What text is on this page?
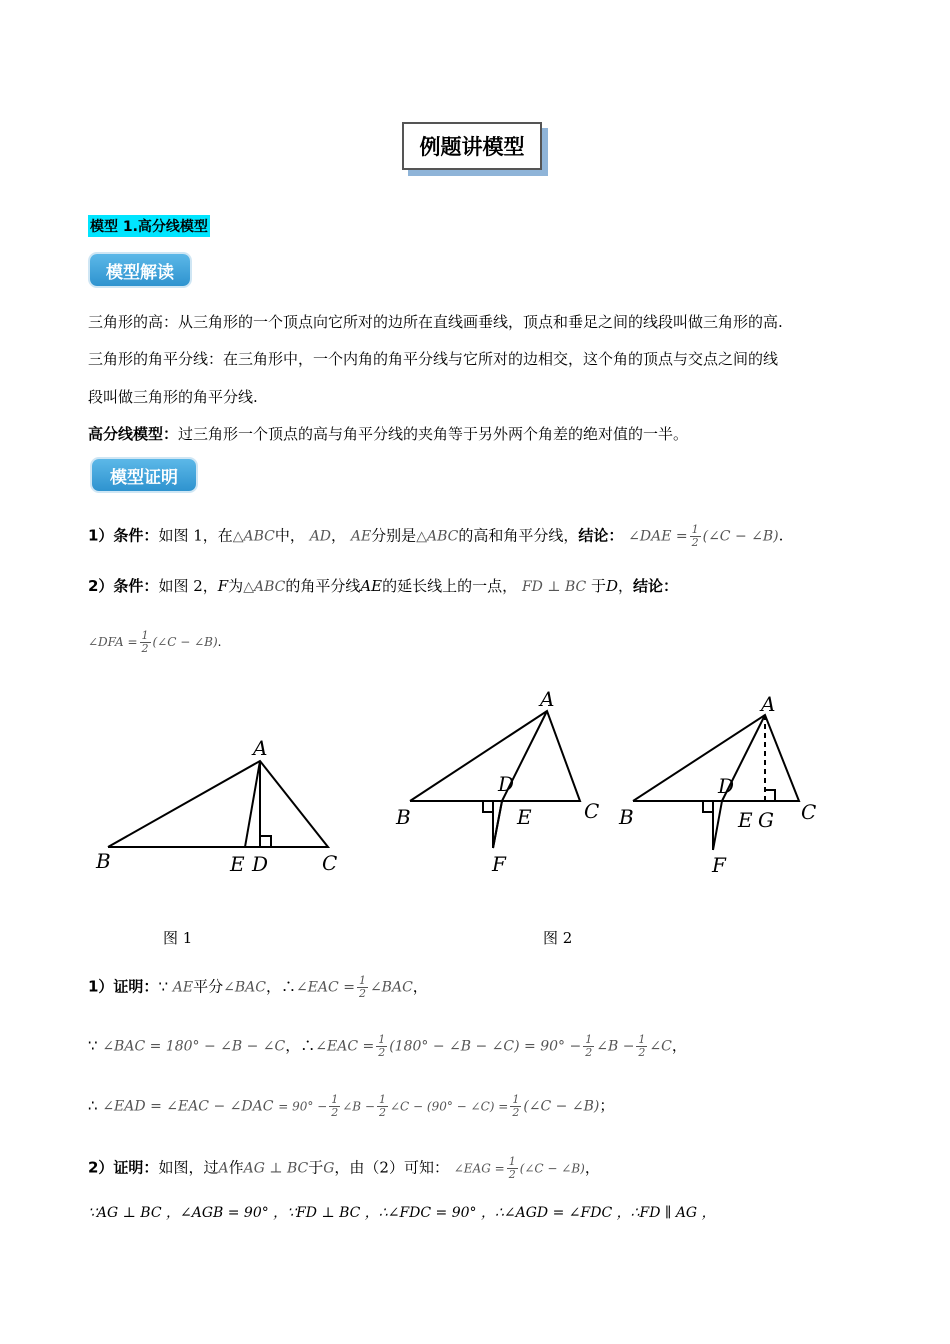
例题讲模型
模型 1.高分线模型
模型解读
三角形的高：从三角形的一个顶点向它所对的边所在直线画垂线，顶点和垂足之间的线段叫做三角形的高.
三角形的角平分线：在三角形中，一个内角的角平分线与它所对的边相交，这个角的顶点与交点之间的线
段叫做三角形的角平分线.
高分线模型：过三角形一个顶点的高与角平分线的夹角等于另外两个角差的绝对值的一半。
模型证明
1）条件：如图 1，在△ABC中， AD， AE分别是△ABC的高和角平分线，结论： ∠DAE = $\frac{1}{2}$ (∠C − ∠B).
2）条件：如图 2，F为△ABC的角平分线AE的延长线上的一点， FD ⊥ BC 于D，结论：
∠DFA = $\frac{1}{2}$ (∠C − ∠B).
A
B	E D	C
A
B
D
E	C
F
A
B
D
E G C
F
图 1	图 2
1）证明：∵ AE平分∠BAC，∴∠EAC = $\frac{1}{2}$ ∠BAC，
∵ ∠BAC = 180° − ∠B − ∠C，∴∠EAC = $\frac{1}{2} (180^\circ$ − ∠B − ∠C) = $90^\circ - \frac{1}{2}$ ∠B − $\frac{1}{2}$ ∠C，
∴ ∠EAD = ∠EAC − ∠DAC = $90^\circ - \frac{1}{2}$ ∠B − $\frac{1}{2}$ ∠C − (90° − ∠C) = $\frac{1}{2}$ (∠C − ∠B)；
2）证明：如图，过A作AG ⊥ BC于G，由（2）可知： ∠EAG = $\frac{1}{2}$ (∠C − ∠B)，
∵AG ⊥ BC ，∠AGB = 90° ，∵FD ⊥ BC ，∴∠FDC = 90° ，∴∠AGD = ∠FDC ，∴FD ∥ AG ，
